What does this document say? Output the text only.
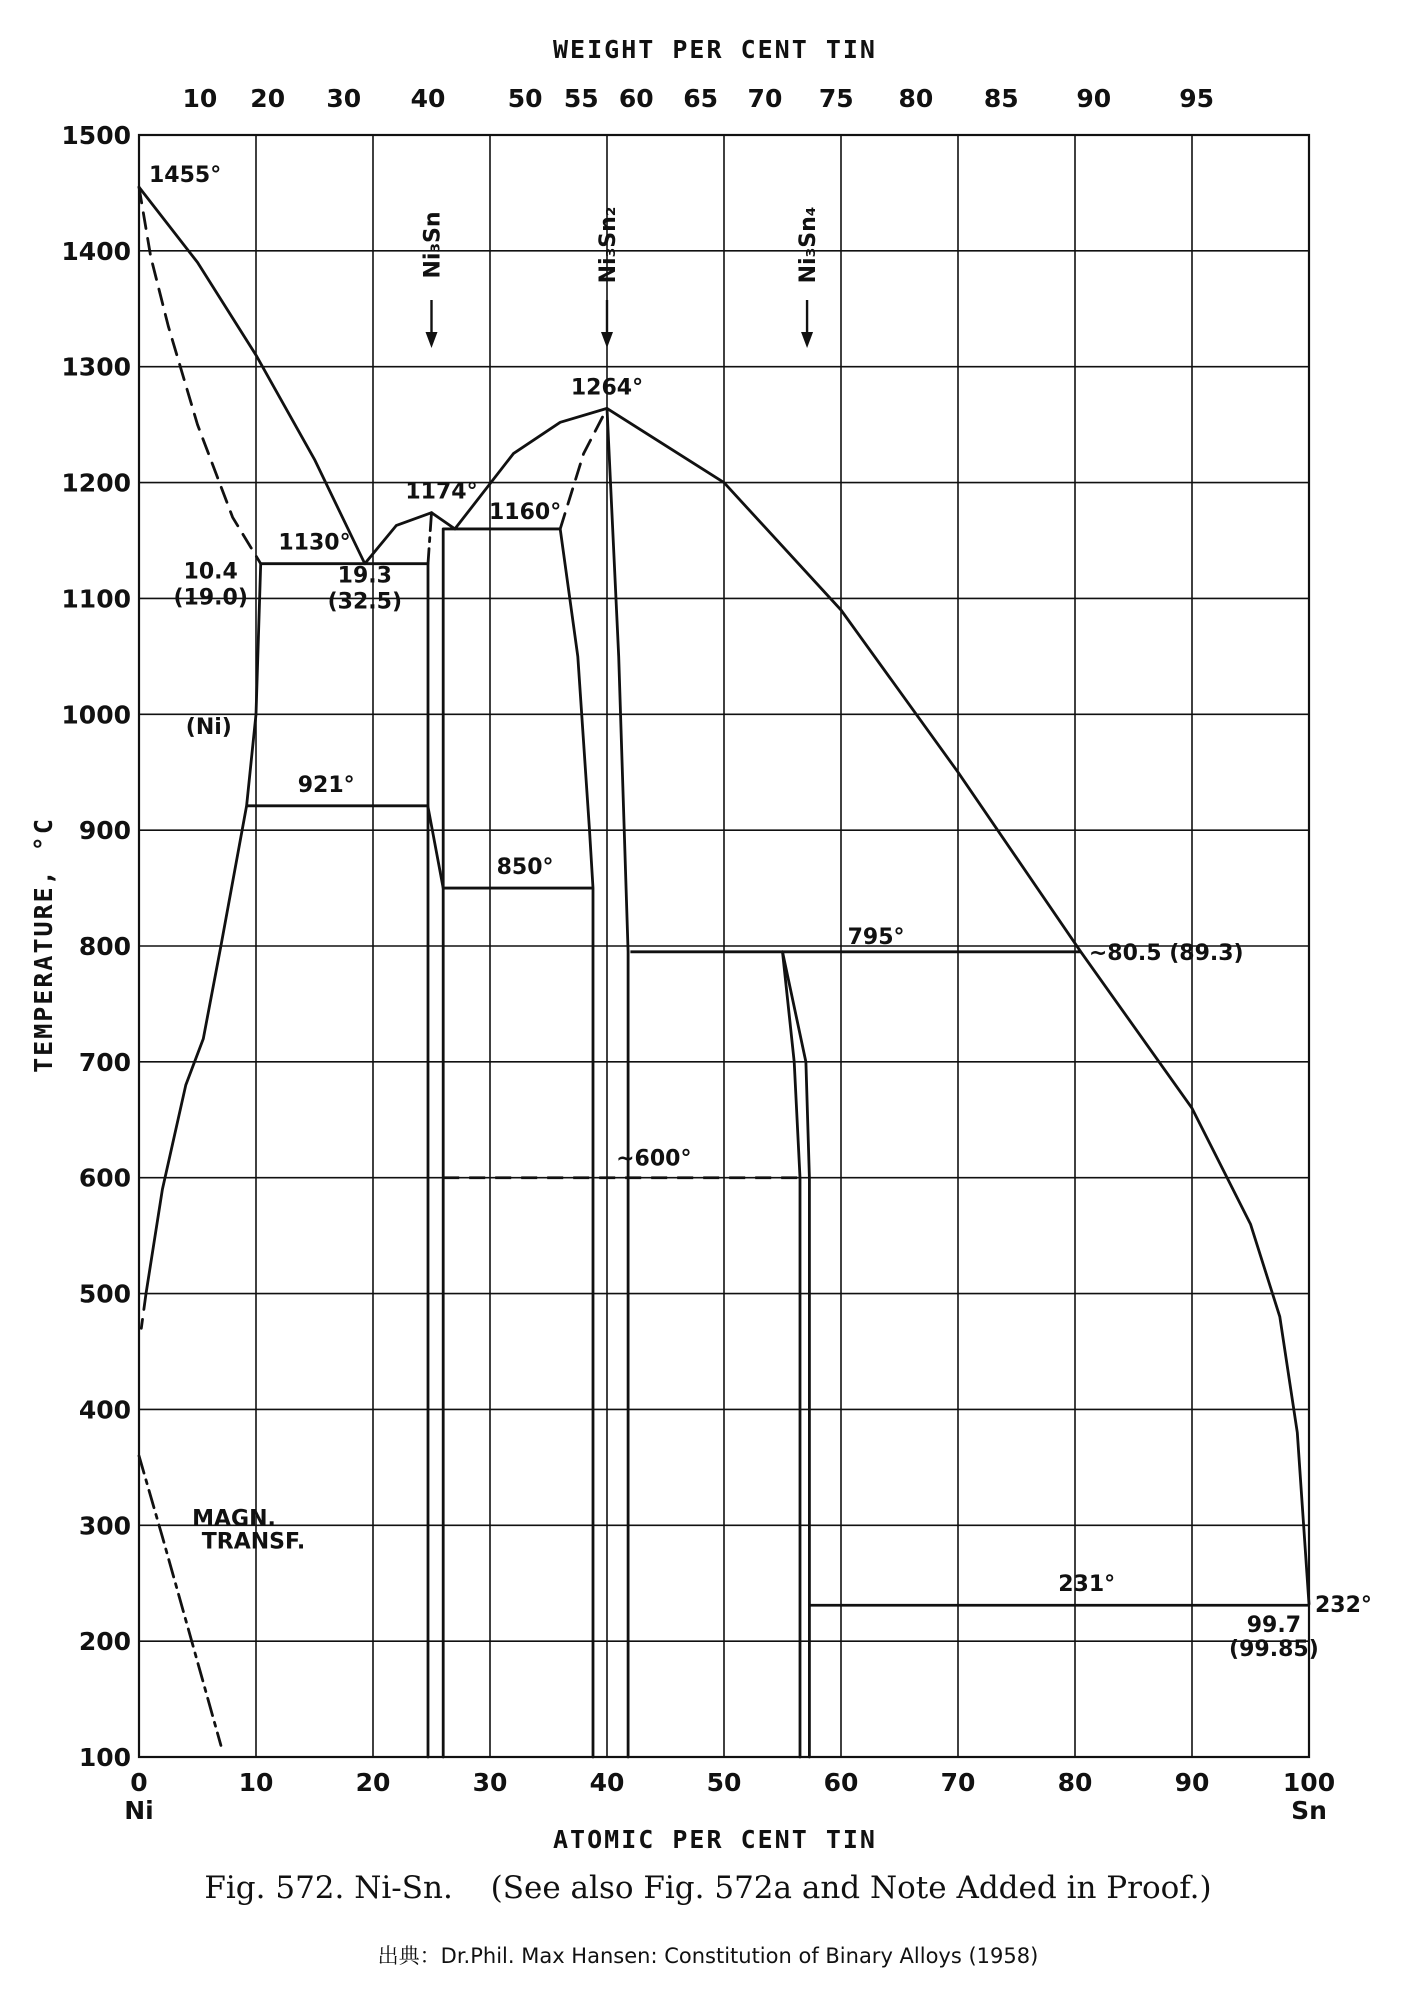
0	10	20	30	40	50	60	70	80	90	100
100
200
300
400
500
600
700
800
900
1000
1100
1200
1300
1400
1500
Ni	Sn
10 20 30 40 50 55 60 65 70 75 80 85 90	95
1455°
1130°
10.4
(19.0)
19.3
(32.5)
1174°
1160°
1264°
(Ni)
921°
850°
795°
~80.5 (89.3)
~600°
MAGN.
TRANSF.
231°
232°
99.7
(99.85)
Ni₃Sn	Ni₃Sn₂	Ni₃Sn₄
WEIGHT PER CENT TIN
ATOMIC PER CENT TIN
TEMPERATURE, °C
Fig. 572. Ni-Sn. (See also Fig. 572a and Note Added in Proof.)
出典：Dr.Phil. Max Hansen: Constitution of Binary Alloys (1958)
